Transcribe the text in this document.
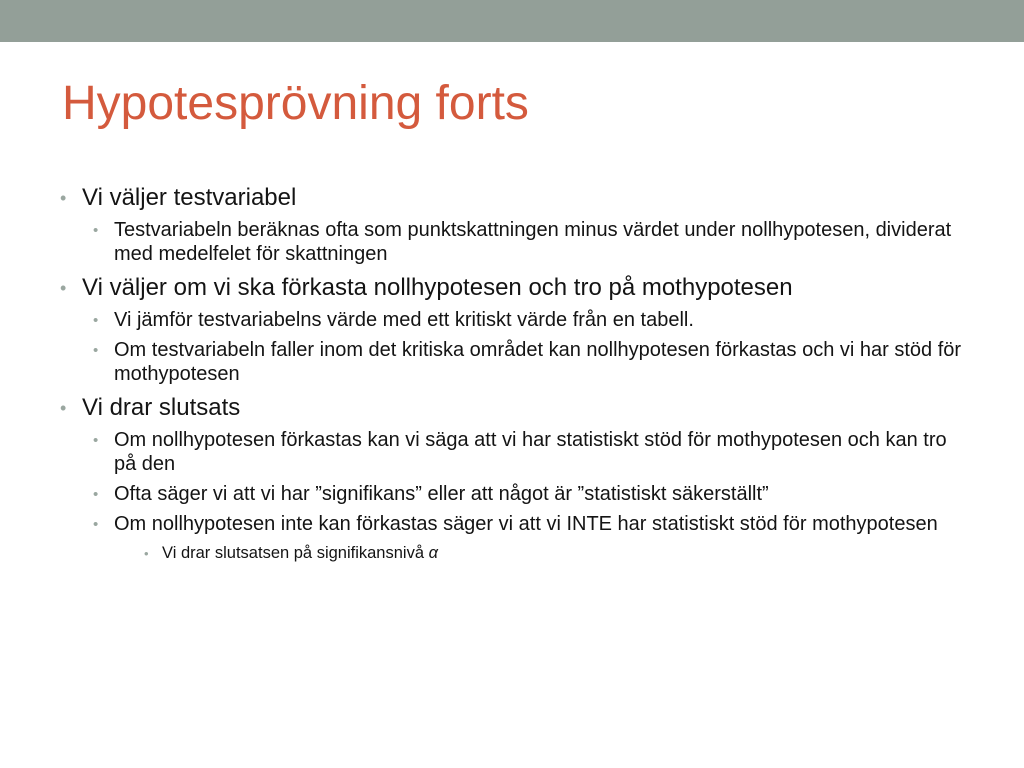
Hypotesprövning forts
• Vi väljer testvariabel
• Testvariabeln beräknas ofta som punktskattningen minus värdet under nollhypotesen, dividerat med medelfelet för skattningen
• Vi väljer om vi ska förkasta nollhypotesen och tro på mothypotesen
• Vi jämför testvariabelns värde med ett kritiskt värde från en tabell.
• Om testvariabeln faller inom det kritiska området kan nollhypotesen förkastas och vi har stöd för mothypotesen
• Vi drar slutsats
• Om nollhypotesen förkastas kan vi säga att vi har statistiskt stöd för mothypotesen och kan tro på den
• Ofta säger vi att vi har ”signifikans” eller att något är ”statistiskt säkerställt”
• Om nollhypotesen inte kan förkastas säger vi att vi INTE har statistiskt stöd för mothypotesen
• Vi drar slutsatsen på signifikansnivå α
